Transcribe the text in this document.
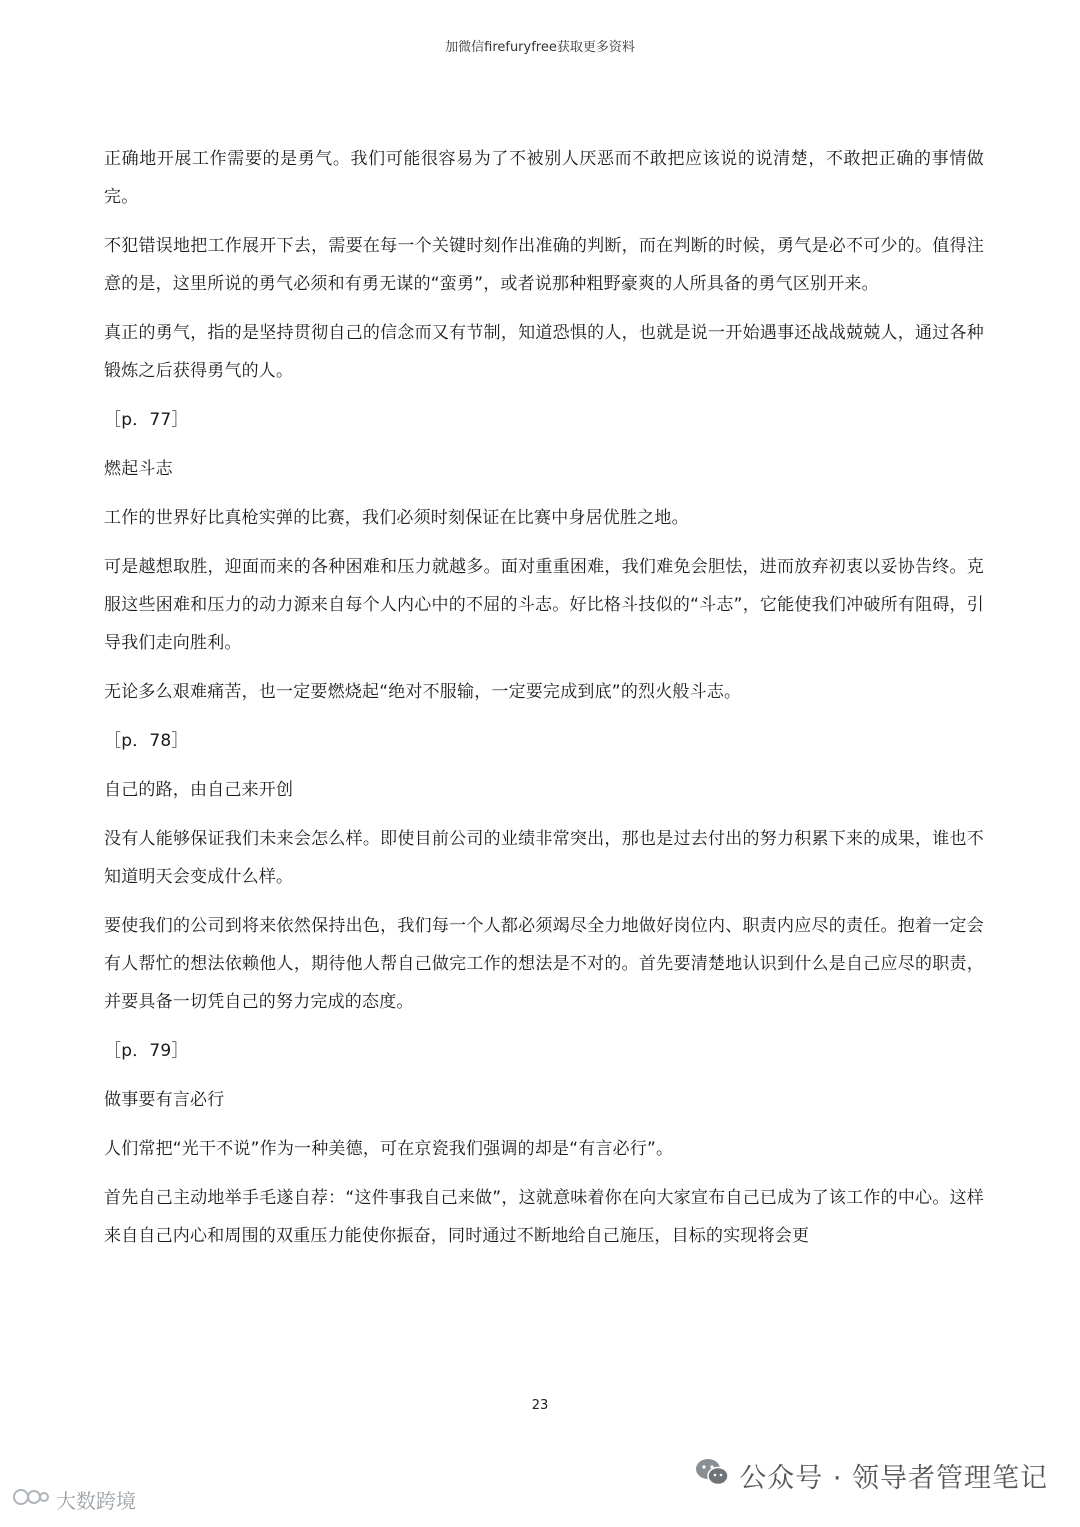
加微信firefuryfree获取更多资料

正确地开展工作需要的是勇气。我们可能很容易为了不被别人厌恶而不敢把应该说的说清楚，不敢把正确的事情做完。

不犯错误地把工作展开下去，需要在每一个关键时刻作出准确的判断，而在判断的时候，勇气是必不可少的。值得注意的是，这里所说的勇气必须和有勇无谋的“蛮勇”，或者说那种粗野豪爽的人所具备的勇气区别开来。

真正的勇气，指的是坚持贯彻自己的信念而又有节制，知道恐惧的人，也就是说一开始遇事还战战兢兢人，通过各种锻炼之后获得勇气的人。

［p．77］

燃起斗志

工作的世界好比真枪实弹的比赛，我们必须时刻保证在比赛中身居优胜之地。

可是越想取胜，迎面而来的各种困难和压力就越多。面对重重困难，我们难免会胆怯，进而放弃初衷以妥协告终。克服这些困难和压力的动力源来自每个人内心中的不屈的斗志。好比格斗技似的“斗志”，它能使我们冲破所有阻碍，引导我们走向胜利。

无论多么艰难痛苦，也一定要燃烧起“绝对不服输，一定要完成到底”的烈火般斗志。

［p．78］

自己的路，由自己来开创

没有人能够保证我们未来会怎么样。即使目前公司的业绩非常突出，那也是过去付出的努力积累下来的成果，谁也不知道明天会变成什么样。

要使我们的公司到将来依然保持出色，我们每一个人都必须竭尽全力地做好岗位内、职责内应尽的责任。抱着一定会有人帮忙的想法依赖他人，期待他人帮自己做完工作的想法是不对的。首先要清楚地认识到什么是自己应尽的职责，并要具备一切凭自己的努力完成的态度。

［p．79］

做事要有言必行

人们常把“光干不说”作为一种美德，可在京瓷我们强调的却是“有言必行”。

首先自己主动地举手毛遂自荐：“这件事我自己来做”，这就意味着你在向大家宣布自己已成为了该工作的中心。这样来自自己内心和周围的双重压力能使你振奋，同时通过不断地给自己施压，目标的实现将会更

23
大数跨境
公众号 · 领导者管理笔记
